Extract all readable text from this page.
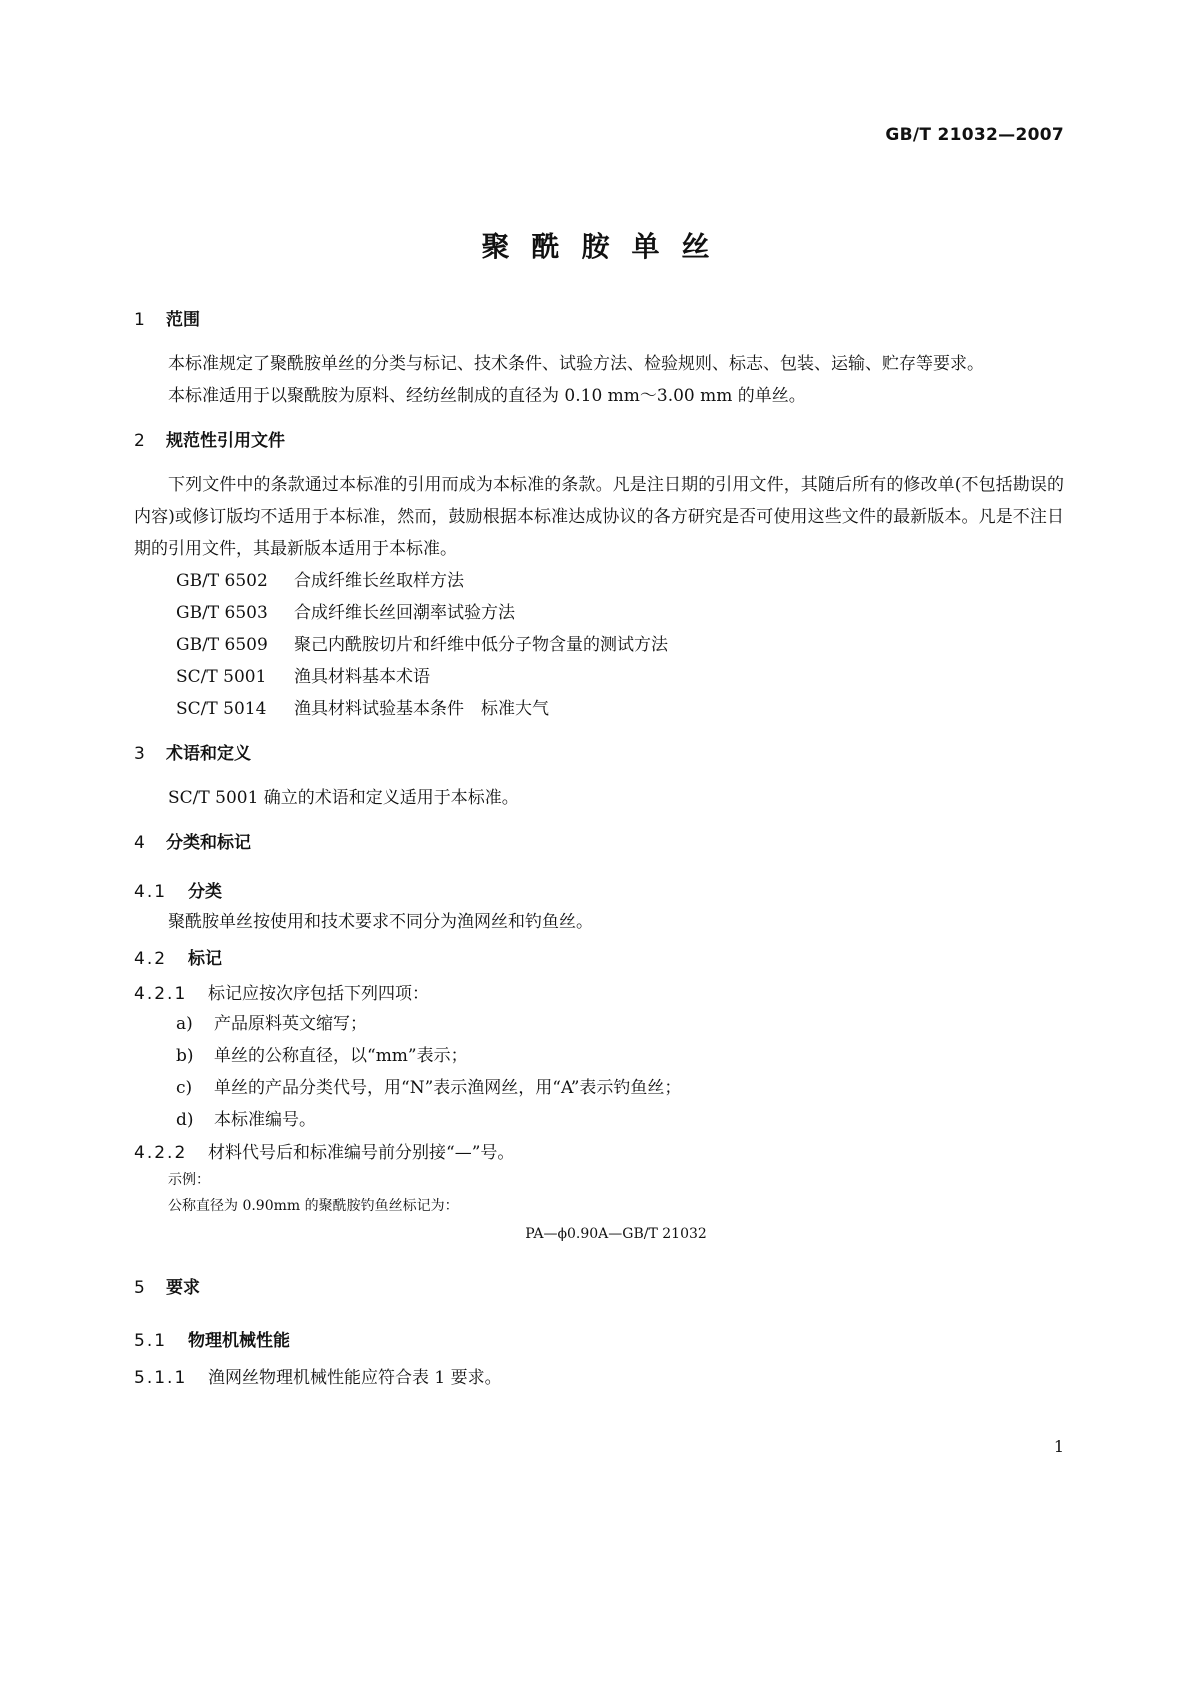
GB/T 21032—2007
聚酰胺单丝
1	范围

本标准规定了聚酰胺单丝的分类与标记、技术条件、试验方法、检验规则、标志、包装、运输、贮存等要求。

本标准适用于以聚酰胺为原料、经纺丝制成的直径为 0.10 mm～3.00 mm 的单丝。

2	规范性引用文件

下列文件中的条款通过本标准的引用而成为本标准的条款。凡是注日期的引用文件，其随后所有的修改单(不包括勘误的内容)或修订版均不适用于本标准，然而，鼓励根据本标准达成协议的各方研究是否可使用这些文件的最新版本。凡是不注日期的引用文件，其最新版本适用于本标准。

GB/T 6502	合成纤维长丝取样方法
GB/T 6503	合成纤维长丝回潮率试验方法
GB/T 6509	聚己内酰胺切片和纤维中低分子物含量的测试方法
SC/T 5001	渔具材料基本术语
SC/T 5014	渔具材料试验基本条件　标准大气
3	术语和定义

SC/T 5001 确立的术语和定义适用于本标准。

4	分类和标记
4.1	分类

聚酰胺单丝按使用和技术要求不同分为渔网丝和钓鱼丝。

4.2	标记
4.2.1	标记应按次序包括下列四项：
a)	产品原料英文缩写；
b)	单丝的公称直径，以“mm”表示；
c)	单丝的产品分类代号，用“N”表示渔网丝，用“A”表示钓鱼丝；
d)	本标准编号。
4.2.2	材料代号后和标准编号前分别接“—”号。

示例：

公称直径为 0.90mm 的聚酰胺钓鱼丝标记为：

PA—ϕ0.90A—GB/T 21032

5	要求
5.1	物理机械性能
5.1.1	渔网丝物理机械性能应符合表 1 要求。
1
